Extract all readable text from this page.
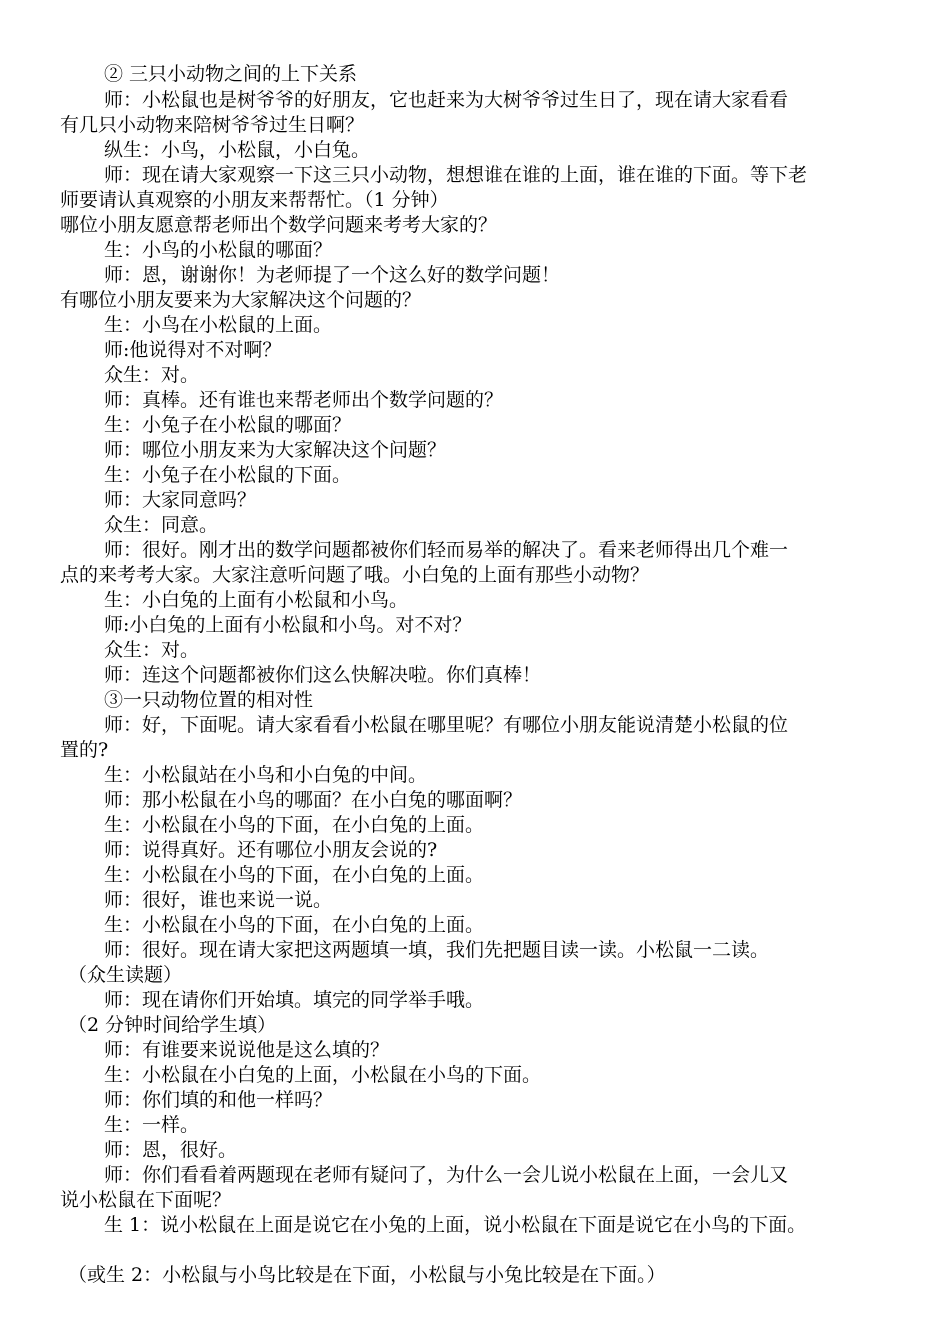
② 三只小动物之间的上下关系
师：小松鼠也是树爷爷的好朋友，它也赶来为大树爷爷过生日了，现在请大家看看
有几只小动物来陪树爷爷过生日啊？
纵生：小鸟，小松鼠，小白兔。
师：现在请大家观察一下这三只小动物，想想谁在谁的上面，谁在谁的下面。等下老
师要请认真观察的小朋友来帮帮忙。（1 分钟）
哪位小朋友愿意帮老师出个数学问题来考考大家的？
生：小鸟的小松鼠的哪面？
师：恩，谢谢你！为老师提了一个这么好的数学问题！
有哪位小朋友要来为大家解决这个问题的？
生：小鸟在小松鼠的上面。
师:他说得对不对啊？
众生：对。
师：真棒。还有谁也来帮老师出个数学问题的？
生：小兔子在小松鼠的哪面？
师：哪位小朋友来为大家解决这个问题？
生：小兔子在小松鼠的下面。
师：大家同意吗？
众生：同意。
师：很好。刚才出的数学问题都被你们轻而易举的解决了。看来老师得出几个难一
点的来考考大家。大家注意听问题了哦。小白兔的上面有那些小动物？
生：小白兔的上面有小松鼠和小鸟。
师:小白兔的上面有小松鼠和小鸟。对不对？
众生：对。
师：连这个问题都被你们这么快解决啦。你们真棒！
③一只动物位置的相对性
师：好，下面呢。请大家看看小松鼠在哪里呢？有哪位小朋友能说清楚小松鼠的位
置的?
生：小松鼠站在小鸟和小白兔的中间。
师：那小松鼠在小鸟的哪面？在小白兔的哪面啊？
生：小松鼠在小鸟的下面，在小白兔的上面。
师：说得真好。还有哪位小朋友会说的?
生：小松鼠在小鸟的下面，在小白兔的上面。
师：很好，谁也来说一说。
生：小松鼠在小鸟的下面，在小白兔的上面。
师：很好。现在请大家把这两题填一填，我们先把题目读一读。小松鼠一二读。
（众生读题）
师：现在请你们开始填。填完的同学举手哦。
（2 分钟时间给学生填）
师：有谁要来说说他是这么填的？
生：小松鼠在小白兔的上面，小松鼠在小鸟的下面。
师：你们填的和他一样吗？
生：一样。
师：恩，很好。
师：你们看看着两题现在老师有疑问了，为什么一会儿说小松鼠在上面，一会儿又
说小松鼠在下面呢？
生 1：说小松鼠在上面是说它在小兔的上面，说小松鼠在下面是说它在小鸟的下面。
（或生 2：小松鼠与小鸟比较是在下面，小松鼠与小兔比较是在下面。）
